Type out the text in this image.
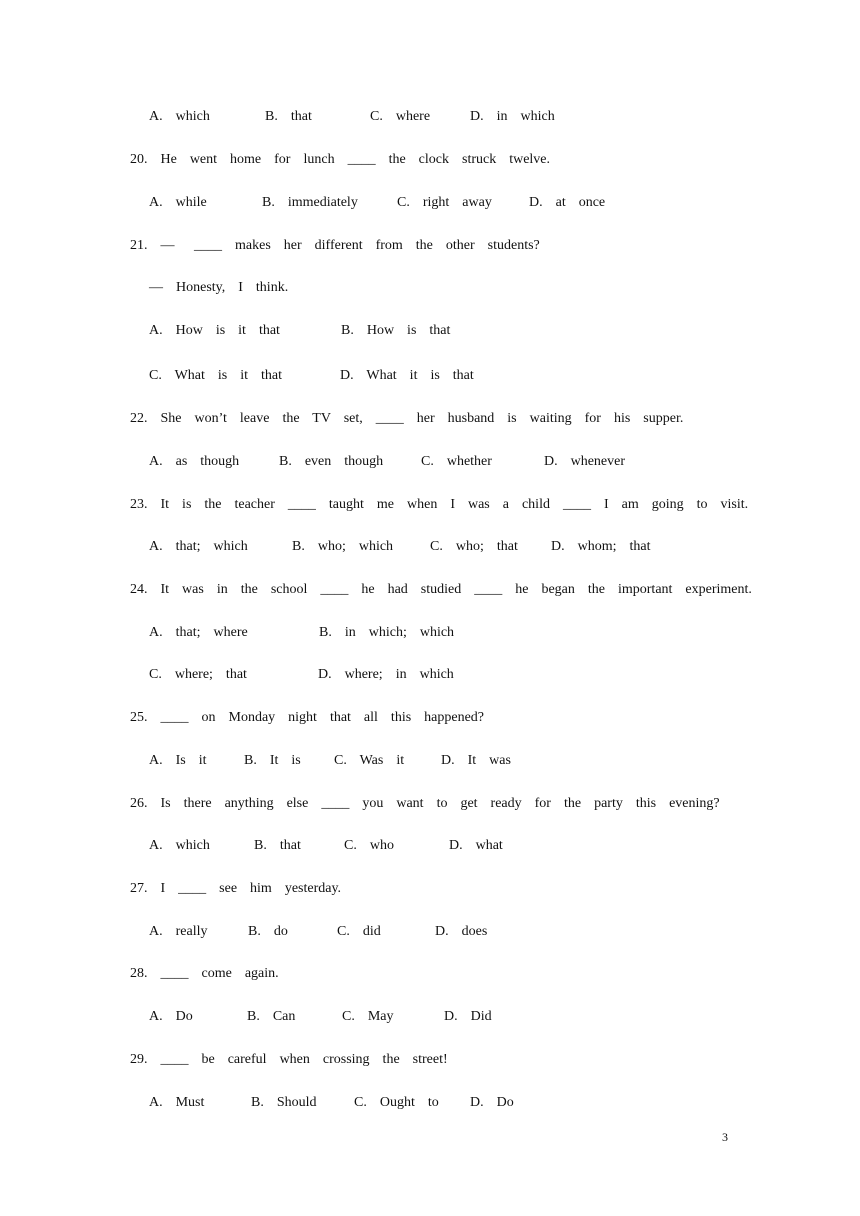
A.  which	B.  that	C.  where	D.  in  which
20.  He  went  home  for  lunch  ____  the  clock  struck  twelve.
A.  while	B.  immediately	C.  right  away	D.  at  once
21.  —   ____  makes  her  different  from  the  other  students?
—  Honesty,  I  think.
A.  How  is  it  that	B.  How  is  that
C.  What  is  it  that	D.  What  it  is  that
22.  She  won’t  leave  the  TV  set,  ____  her  husband  is  waiting  for  his  supper.
A.  as  though	B.  even  though	C.  whether	D.  whenever
23.  It  is  the  teacher  ____  taught  me  when  I  was  a  child  ____  I  am  going  to  visit.
A.  that;  which	B.  who;  which	C.  who;  that D.  whom;  that
24.  It  was  in  the  school  ____  he  had  studied  ____  he  began  the  important  experiment.
A.  that;  where	B.  in  which;  which
C.  where;  that	D.  where;  in  which
25.  ____  on  Monday  night  that  all  this  happened?
A.  Is  it	B.  It  is C.  Was  it	D.  It  was
26.  Is  there  anything  else  ____  you  want  to  get  ready  for  the  party  this  evening?
A.  which	B.  that	C.  who	D.  what
27.  I  ____  see  him  yesterday.
A.  really	B.  do	C.  did	D.  does
28.  ____  come  again.
A.  Do	B.  Can	C.  May	D.  Did
29.  ____  be  careful  when  crossing  the  street!
A.  Must	B.  Should	C.  Ought  to D.  Do
3
